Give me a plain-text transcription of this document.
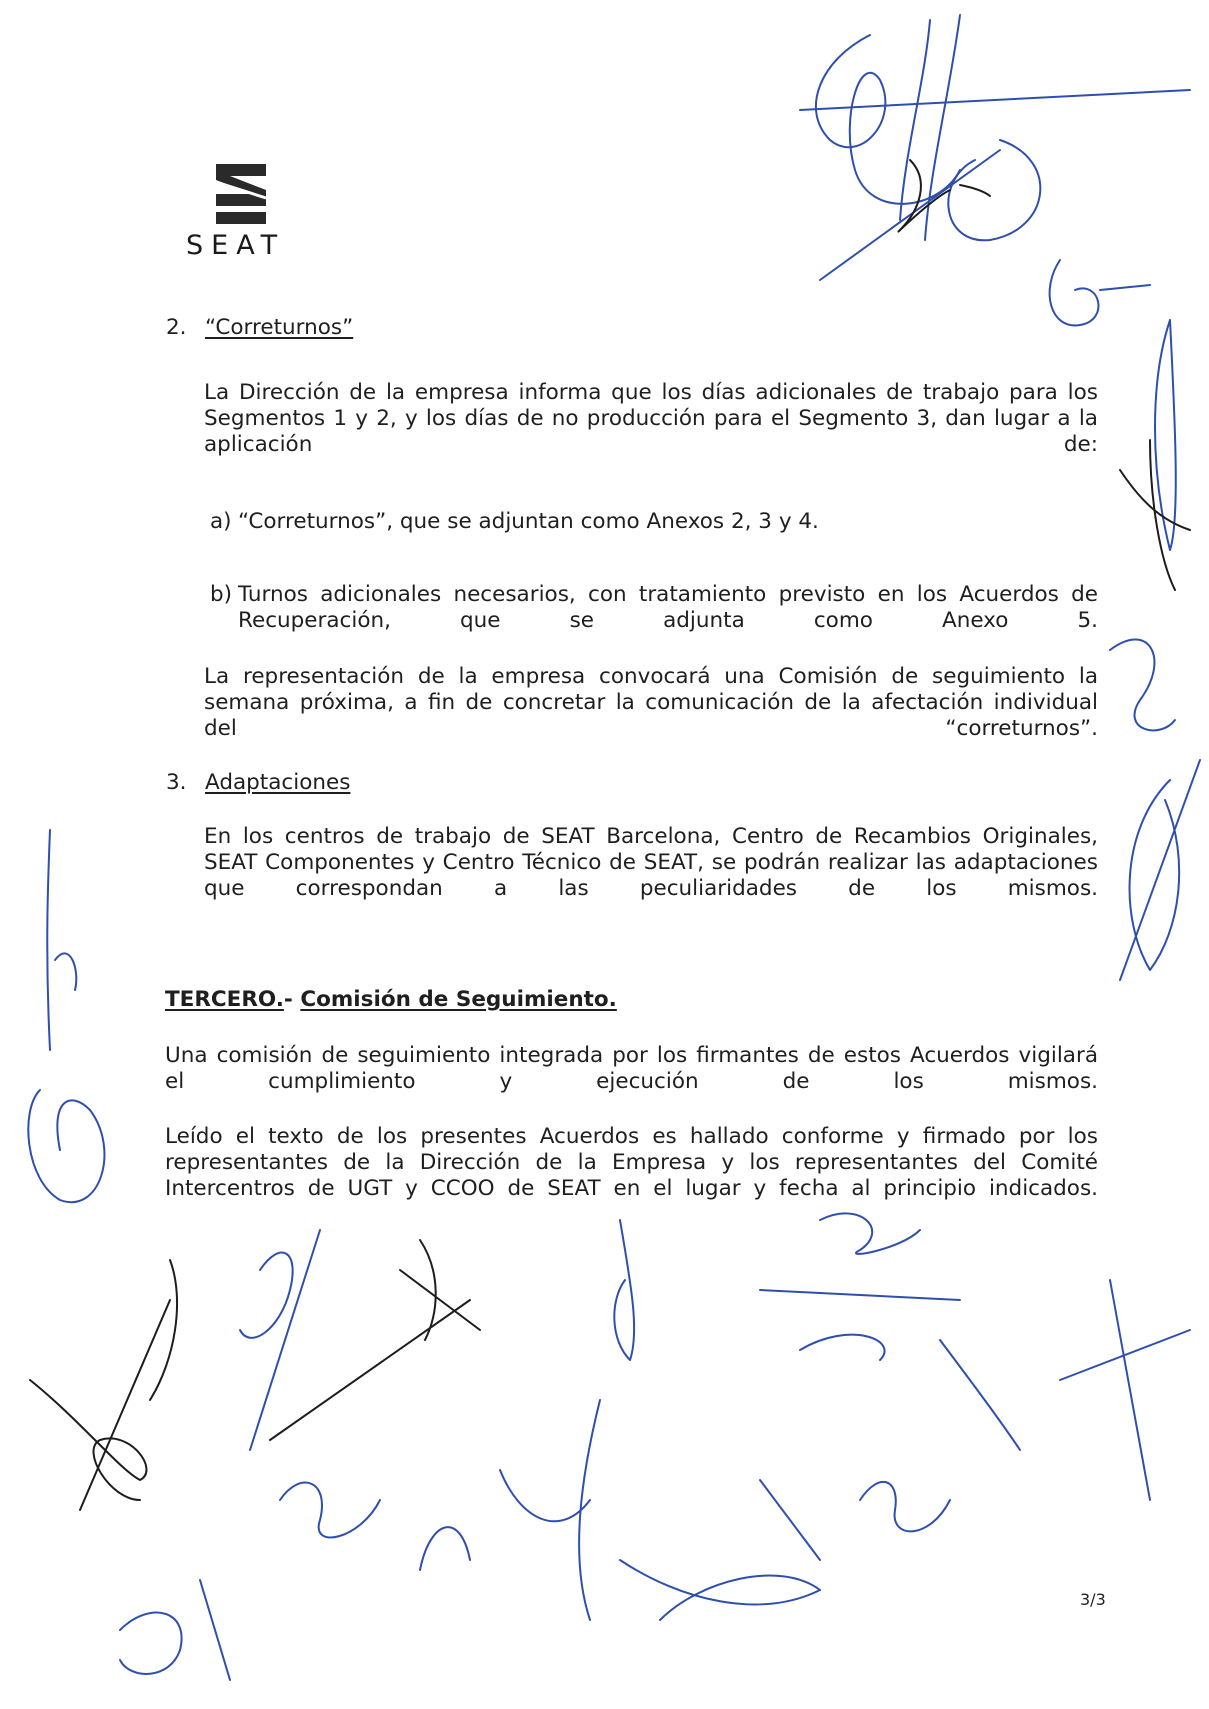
SEAT
2. “Correturnos”
La Dirección de la empresa informa que los días adicionales de trabajo para los Segmentos 1 y 2, y los días de no producción para el Segmento 3, dan lugar a la aplicación de:
a) “Correturnos”, que se adjuntan como Anexos 2, 3 y 4.
b) Turnos adicionales necesarios, con tratamiento previsto en los Acuerdos de Recuperación, que se adjunta como Anexo 5.
La representación de la empresa convocará una Comisión de seguimiento la semana próxima, a fin de concretar la comunicación de la afectación individual del “correturnos”.
3. Adaptaciones
En los centros de trabajo de SEAT Barcelona, Centro de Recambios Originales, SEAT Componentes y Centro Técnico de SEAT, se podrán realizar las adaptaciones que correspondan a las peculiaridades de los mismos.
TERCERO.- Comisión de Seguimiento.
Una comisión de seguimiento integrada por los firmantes de estos Acuerdos vigilará el cumplimiento y ejecución de los mismos.
Leído el texto de los presentes Acuerdos es hallado conforme y firmado por los representantes de la Dirección de la Empresa y los representantes del Comité Intercentros de UGT y CCOO de SEAT en el lugar y fecha al principio indicados.
3/3
